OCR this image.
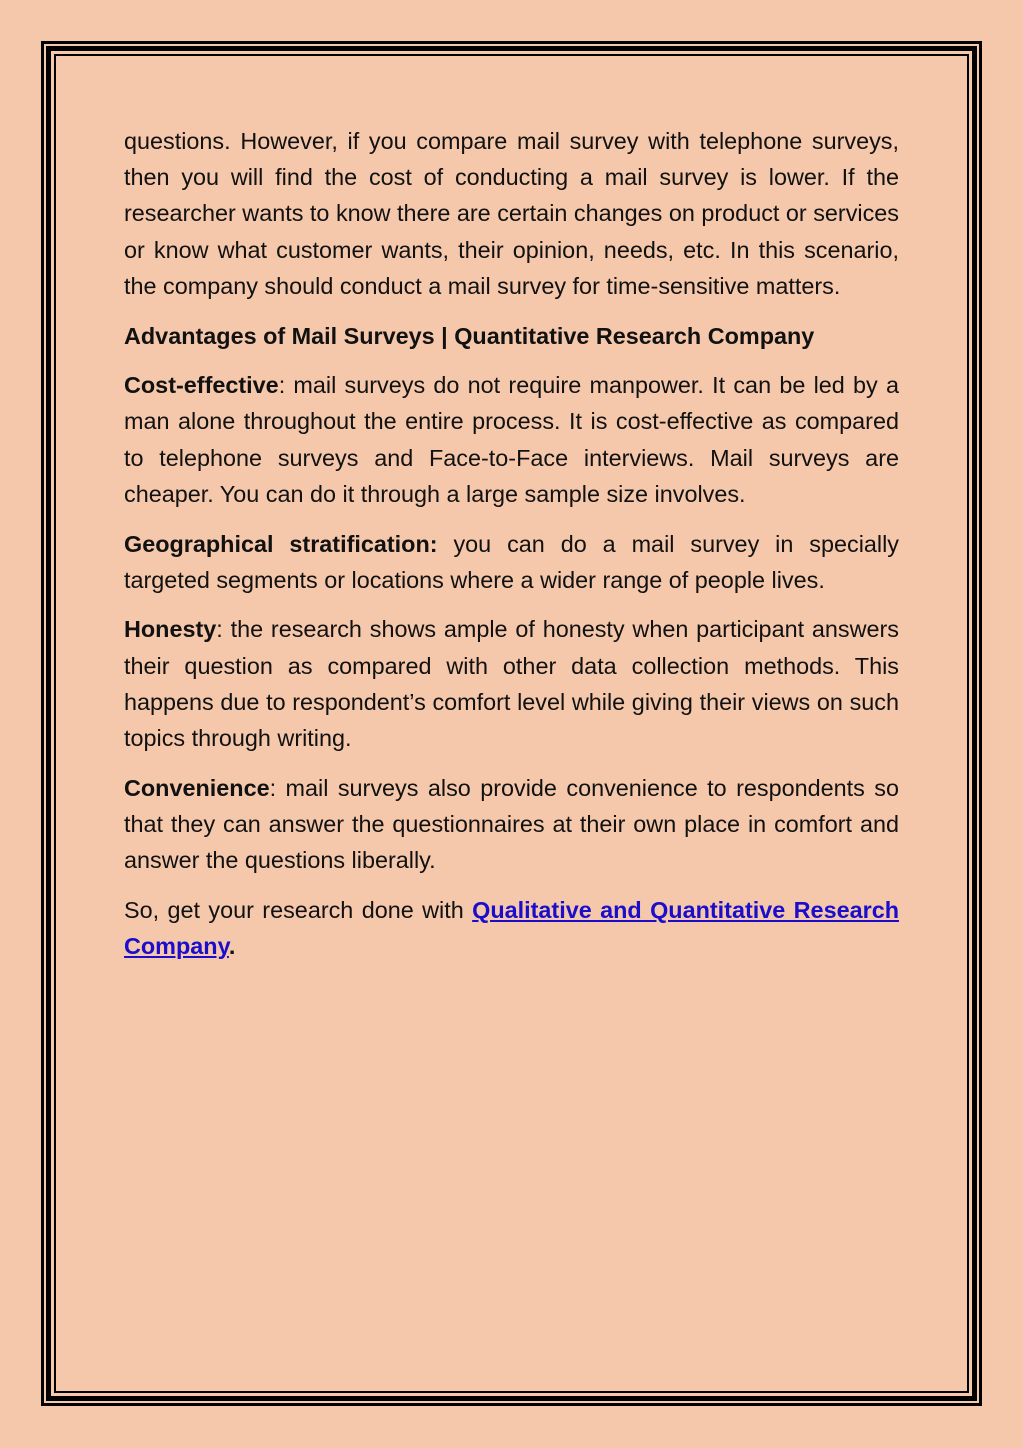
questions. However, if you compare mail survey with telephone surveys, then you will find the cost of conducting a mail survey is lower. If the researcher wants to know there are certain changes on product or services or know what customer wants, their opinion, needs, etc. In this scenario, the company should conduct a mail survey for time-sensitive matters.

Advantages of Mail Surveys | Quantitative Research Company

Cost-effective: mail surveys do not require manpower. It can be led by a man alone throughout the entire process. It is cost-effective as compared to telephone surveys and Face-to-Face interviews. Mail surveys are cheaper. You can do it through a large sample size involves.

Geographical stratification: you can do a mail survey in specially targeted segments or locations where a wider range of people lives.

Honesty: the research shows ample of honesty when participant answers their question as compared with other data collection methods. This happens due to respondent’s comfort level while giving their views on such topics through writing.

Convenience: mail surveys also provide convenience to respondents so that they can answer the questionnaires at their own place in comfort and answer the questions liberally.

So, get your research done with Qualitative and Quantitative Research Company.
